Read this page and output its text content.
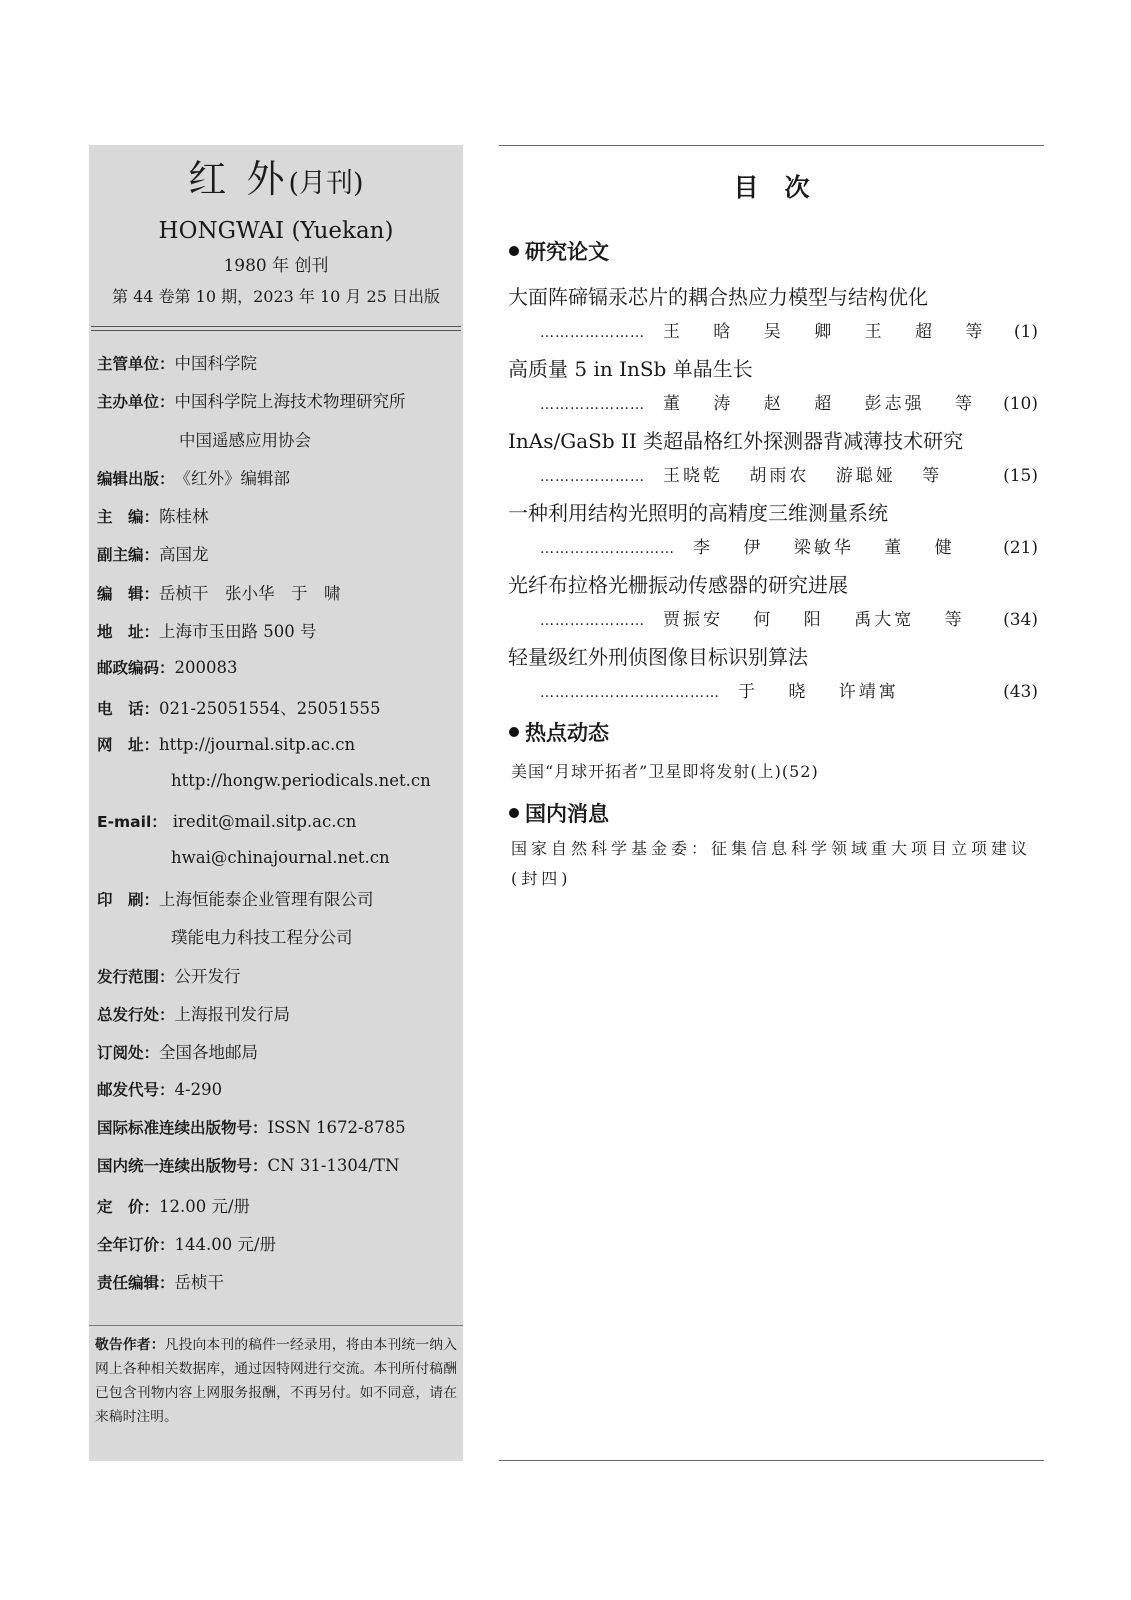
红 外(月刊)
HONGWAI (Yuekan)
1980 年 创刊
第 44 卷第 10 期，2023 年 10 月 25 日出版
主管单位： 中国科学院
主办单位： 中国科学院上海技术物理研究所
中国遥感应用协会
编辑出版： 《红外》编辑部
主　编： 陈桂林
副主编： 高国龙
编　辑： 岳桢干　张小华　于　啸
地　址： 上海市玉田路 500 号
邮政编码： 200083
电　话： 021-25051554、25051555
网　址： http://journal.sitp.ac.cn
http://hongw.periodicals.net.cn
E-mail： iredit@mail.sitp.ac.cn
hwai@chinajournal.net.cn
印　刷： 上海恒能泰企业管理有限公司
璞能电力科技工程分公司
发行范围： 公开发行
总发行处： 上海报刊发行局
订阅处： 全国各地邮局
邮发代号： 4-290
国际标准连续出版物号： ISSN 1672-8785
国内统一连续出版物号： CN 31-1304/TN
定　价： 12.00 元/册
全年订价： 144.00 元/册
责任编辑： 岳桢干
敬告作者：凡投向本刊的稿件一经录用，将由本刊统一纳入网上各种相关数据库，通过因特网进行交流。本刊所付稿酬已包含刊物内容上网服务报酬，不再另付。如不同意，请在来稿时注明。
目次
研究论文
大面阵碲镉汞芯片的耦合热应力模型与结构优化
…………………	王 晗 吴 卿 王 超 等	(1)
高质量 5 in InSb 单晶生长
…………………	董 涛 赵 超 彭志强 等	(10)
InAs/GaSb II 类超晶格红外探测器背减薄技术研究
…………………	王晓乾 胡雨农 游聪娅 等	(15)
一种利用结构光照明的高精度三维测量系统
………………………	李 伊 梁敏华 董 健	(21)
光纤布拉格光栅振动传感器的研究进展
…………………	贾振安 何 阳 禹大宽 等	(34)
轻量级红外刑侦图像目标识别算法
………………………………	于 晓 许靖寓	(43)
热点动态
美国“月球开拓者”卫星即将发射(上)(52)
国内消息
国家自然科学基金委：征集信息科学领域重大项目立项建议(封四)
